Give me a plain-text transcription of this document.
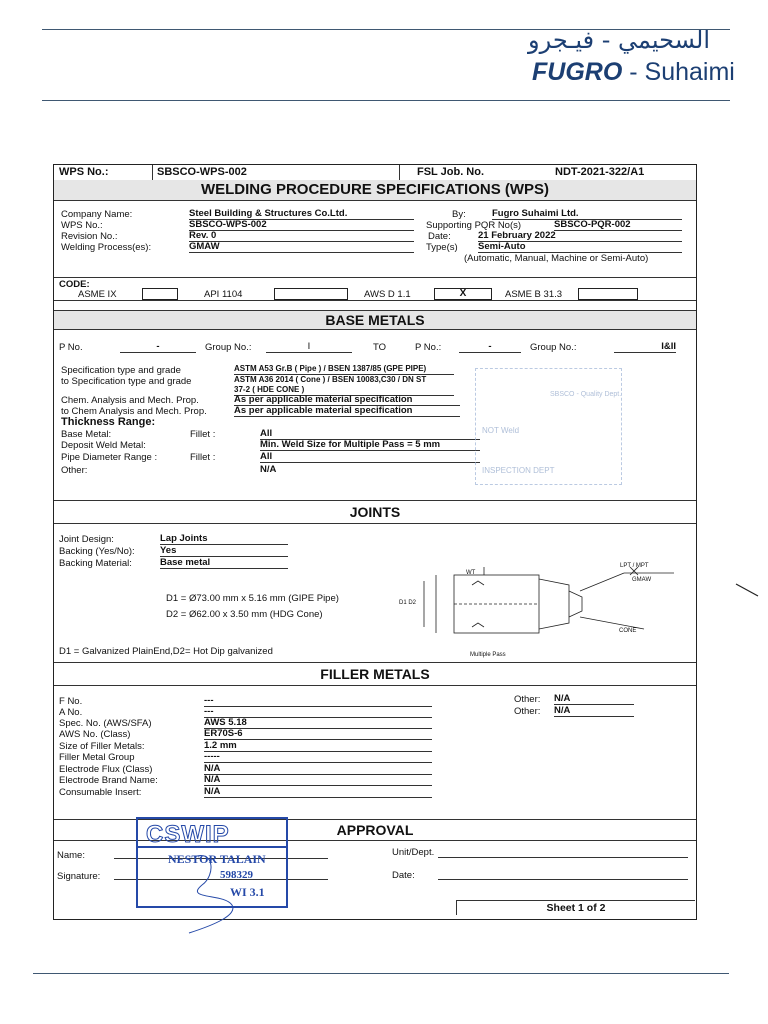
السحيمي - فيـجرو
FUGRO - Suhaimi
WPS No.:	SBSCO-WPS-002	FSL Job. No.	NDT-2021-322/A1
WELDING PROCEDURE SPECIFICATIONS (WPS)
Company Name:	Steel Building & Structures Co.Ltd.
WPS No.:	SBSCO-WPS-002
Revision No.:	Rev. 0
Welding Process(es):	GMAW
By:	Fugro Suhaimi Ltd.
Supporting PQR No(s)	SBSCO-PQR-002
Date:	21 February 2022
Type(s) Semi-Auto
(Automatic, Manual, Machine or Semi-Auto)
CODE:
ASME IX	API 1104	AWS D 1.1	X	ASME B 31.3
BASE METALS
P No.	-	Group No.:	I	TO	P No.:	-	Group No.:	I&II
Specification type and grade	ASTM A53 Gr.B ( Pipe ) / BSEN 1387/85 (GPE PIPE)
to Specification type and grade	ASTM A36 2014 ( Cone ) / BSEN 10083,C30 / DN ST
37-2 ( HDE CONE )
Chem. Analysis and Mech. Prop.	As per applicable material specification
to Chem Analysis and Mech. Prop.	As per applicable material specification
Thickness Range:
Base Metal:	Fillet :	All
Deposit Weld Metal:	Min. Weld Size for Multiple Pass = 5 mm
Pipe Diameter Range :	Fillet :	All
Other:	N/A
SBSCO - Quality Dept.
NOT Weld
INSPECTION DEPT
JOINTS
Joint Design:	Lap Joints
Backing (Yes/No):	Yes
Backing Material:	Base metal
D1 = Ø73.00 mm x 5.16 mm (GIPE Pipe)
D2 = Ø62.00 x 3.50 mm (HDG Cone)
D1 = Galvanized PlainEnd,D2= Hot Dip galvanized
WT
D1 D2
LPT / MPT
GMAW
CONE
Multiple Pass
FILLER METALS
F No.	---
A No.	---
Spec. No. (AWS/SFA)	AWS 5.18
AWS No. (Class)	ER70S-6
Size of Filler Metals:	1.2 mm
Filler Metal Group	-----
Electrode Flux (Class)	N/A
Electrode Brand Name:	N/A
Consumable Insert:	N/A
Other: N/A
Other: N/A
APPROVAL
Name:
Signature:
Unit/Dept.
Date:
Sheet 1 of 2
CSWIP
NESTOR TALAIN
598329
WI 3.1
